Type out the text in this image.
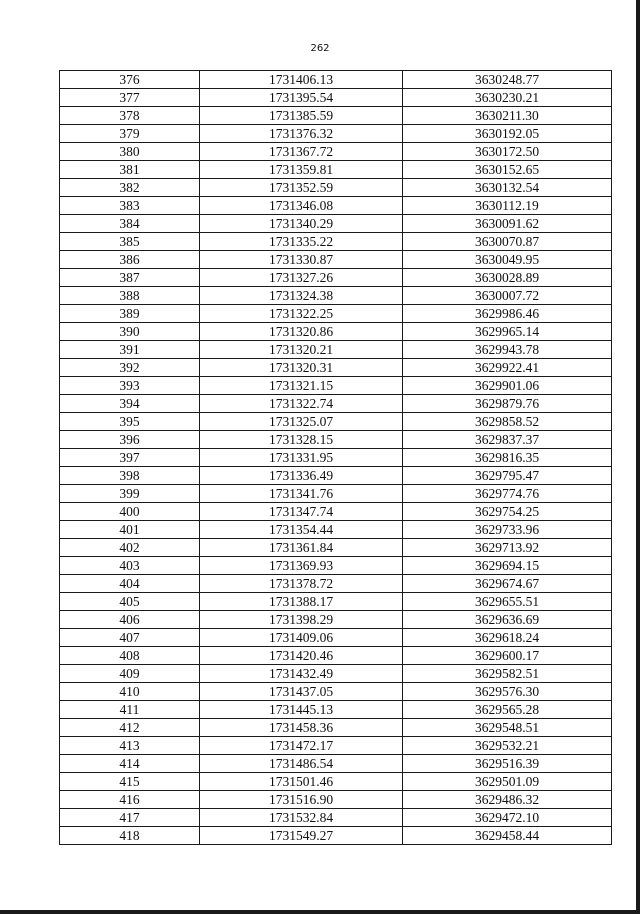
262
376	1731406.13	3630248.77
377	1731395.54	3630230.21
378	1731385.59	3630211.30
379	1731376.32	3630192.05
380	1731367.72	3630172.50
381	1731359.81	3630152.65
382	1731352.59	3630132.54
383	1731346.08	3630112.19
384	1731340.29	3630091.62
385	1731335.22	3630070.87
386	1731330.87	3630049.95
387	1731327.26	3630028.89
388	1731324.38	3630007.72
389	1731322.25	3629986.46
390	1731320.86	3629965.14
391	1731320.21	3629943.78
392	1731320.31	3629922.41
393	1731321.15	3629901.06
394	1731322.74	3629879.76
395	1731325.07	3629858.52
396	1731328.15	3629837.37
397	1731331.95	3629816.35
398	1731336.49	3629795.47
399	1731341.76	3629774.76
400	1731347.74	3629754.25
401	1731354.44	3629733.96
402	1731361.84	3629713.92
403	1731369.93	3629694.15
404	1731378.72	3629674.67
405	1731388.17	3629655.51
406	1731398.29	3629636.69
407	1731409.06	3629618.24
408	1731420.46	3629600.17
409	1731432.49	3629582.51
410	1731437.05	3629576.30
411	1731445.13	3629565.28
412	1731458.36	3629548.51
413	1731472.17	3629532.21
414	1731486.54	3629516.39
415	1731501.46	3629501.09
416	1731516.90	3629486.32
417	1731532.84	3629472.10
418	1731549.27	3629458.44
